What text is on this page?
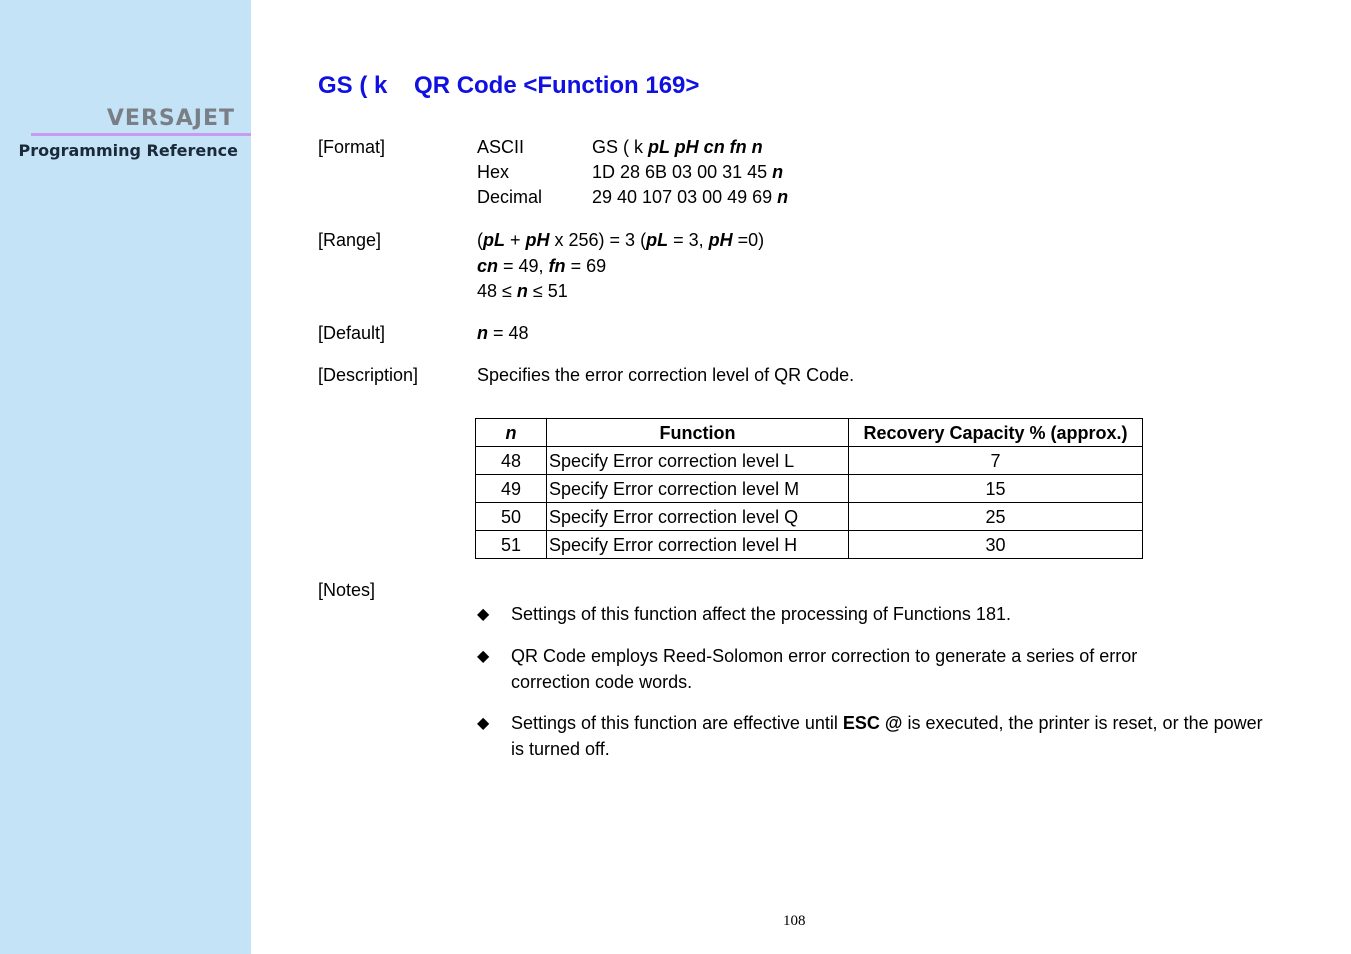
VERSAJET
Programming Reference
GS ( k    QR Code <Function 169>
[Format]	ASCII	GS ( k pL pH cn fn n
Hex	1D 28 6B 03 00 31 45 n
Decimal	29 40 107 03 00 49 69 n
[Range]	(pL + pH x 256) = 3 (pL = 3, pH =0)
cn = 49, fn = 69
48 ≤ n ≤ 51
[Default]	n = 48
[Description]	Specifies the error correction level of QR Code.
n	Function	Recovery Capacity % (approx.)
48	Specify Error correction level L	7
49	Specify Error correction level M	15
50	Specify Error correction level Q	25
51	Specify Error correction level H	30
[Notes]
◆ Settings of this function affect the processing of Functions 181.
◆ QR Code employs Reed-Solomon error correction to generate a series of error correction code words.
◆ Settings of this function are effective until ESC @ is executed, the printer is reset, or the power is turned off.
108
